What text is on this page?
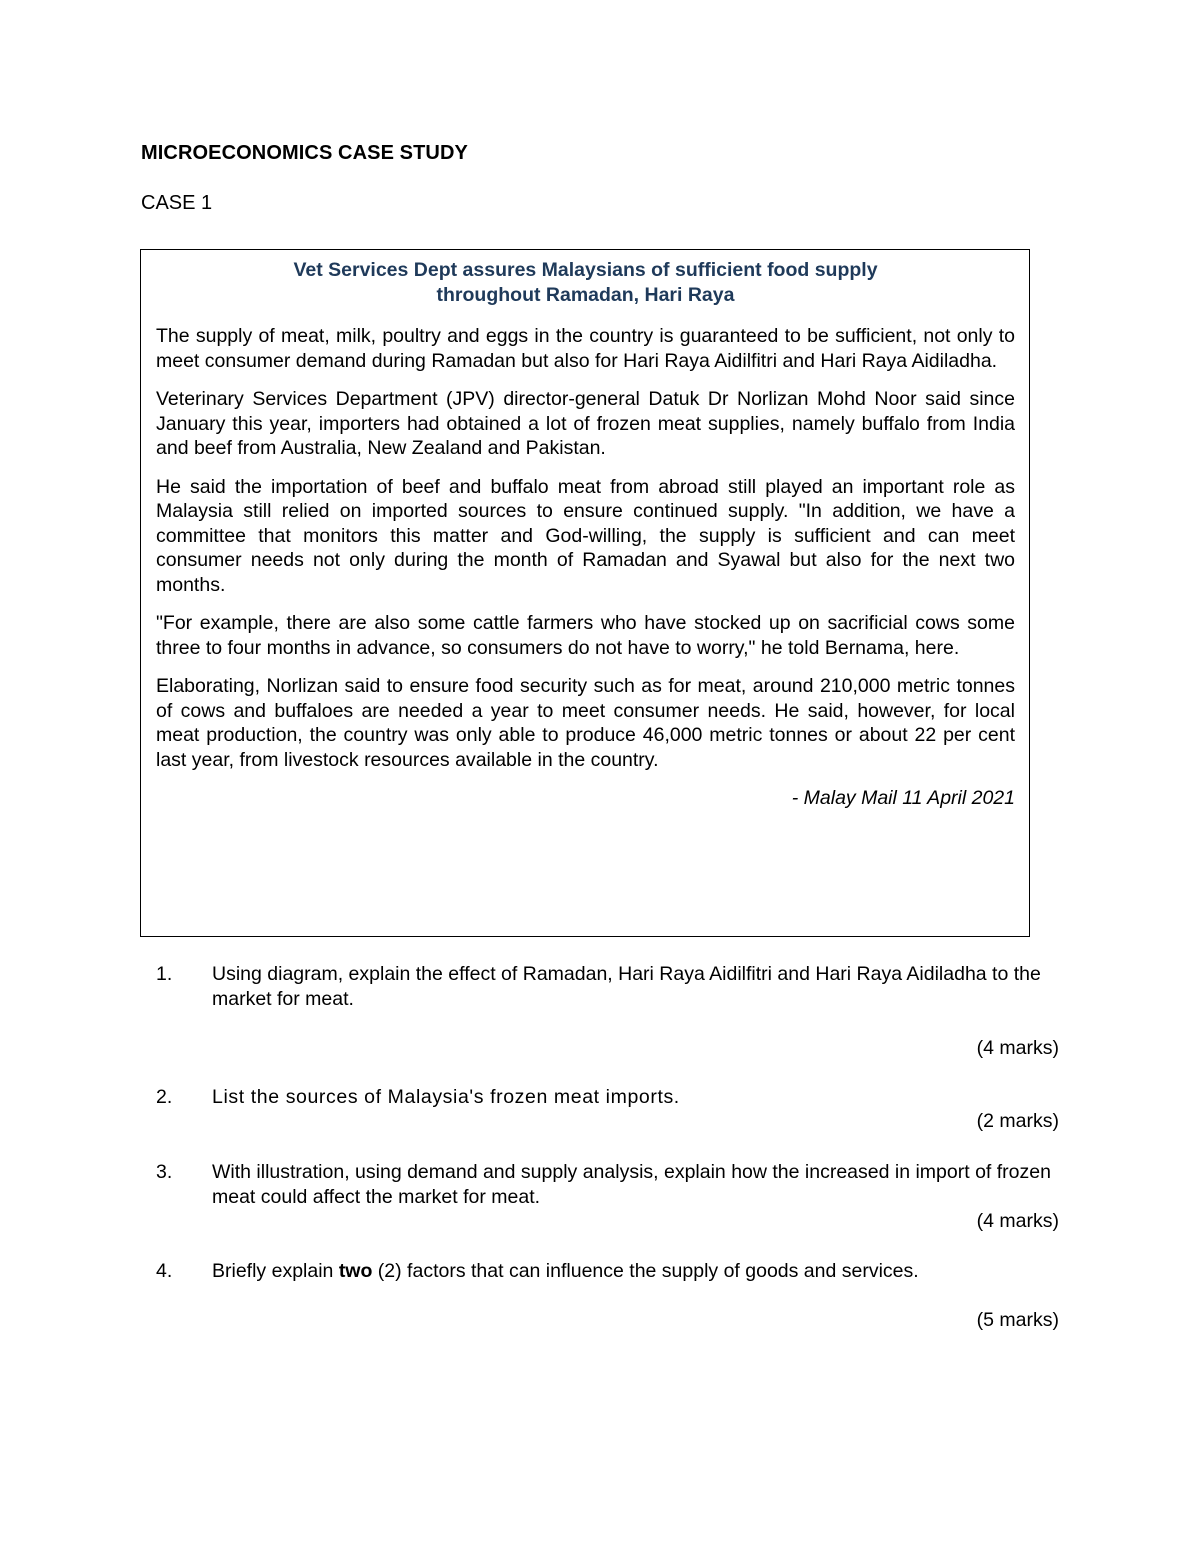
MICROECONOMICS CASE STUDY
CASE 1
Vet Services Dept assures Malaysians of sufficient food supply
throughout Ramadan, Hari Raya

The supply of meat, milk, poultry and eggs in the country is guaranteed to be sufficient, not only to meet consumer demand during Ramadan but also for Hari Raya Aidilfitri and Hari Raya Aidiladha.

Veterinary Services Department (JPV) director-general Datuk Dr Norlizan Mohd Noor said since January this year, importers had obtained a lot of frozen meat supplies, namely buffalo from India and beef from Australia, New Zealand and Pakistan.

He said the importation of beef and buffalo meat from abroad still played an important role as Malaysia still relied on imported sources to ensure continued supply. "In addition, we have a committee that monitors this matter and God-willing, the supply is sufficient and can meet consumer needs not only during the month of Ramadan and Syawal but also for the next two months.

"For example, there are also some cattle farmers who have stocked up on sacrificial cows some three to four months in advance, so consumers do not have to worry," he told Bernama, here.

Elaborating, Norlizan said to ensure food security such as for meat, around 210,000 metric tonnes of cows and buffaloes are needed a year to meet consumer needs. He said, however, for local meat production, the country was only able to produce 46,000 metric tonnes or about 22 per cent last year, from livestock resources available in the country.

- Malay Mail 11 April 2021

1. Using diagram, explain the effect of Ramadan, Hari Raya Aidilfitri and Hari Raya Aidiladha to the market for meat.
(4 marks)
2. List the sources of Malaysia's frozen meat imports.
(2 marks)
3. With illustration, using demand and supply analysis, explain how the increased in import of frozen meat could affect the market for meat.
(4 marks)
4. Briefly explain two (2) factors that can influence the supply of goods and services.
(5 marks)
